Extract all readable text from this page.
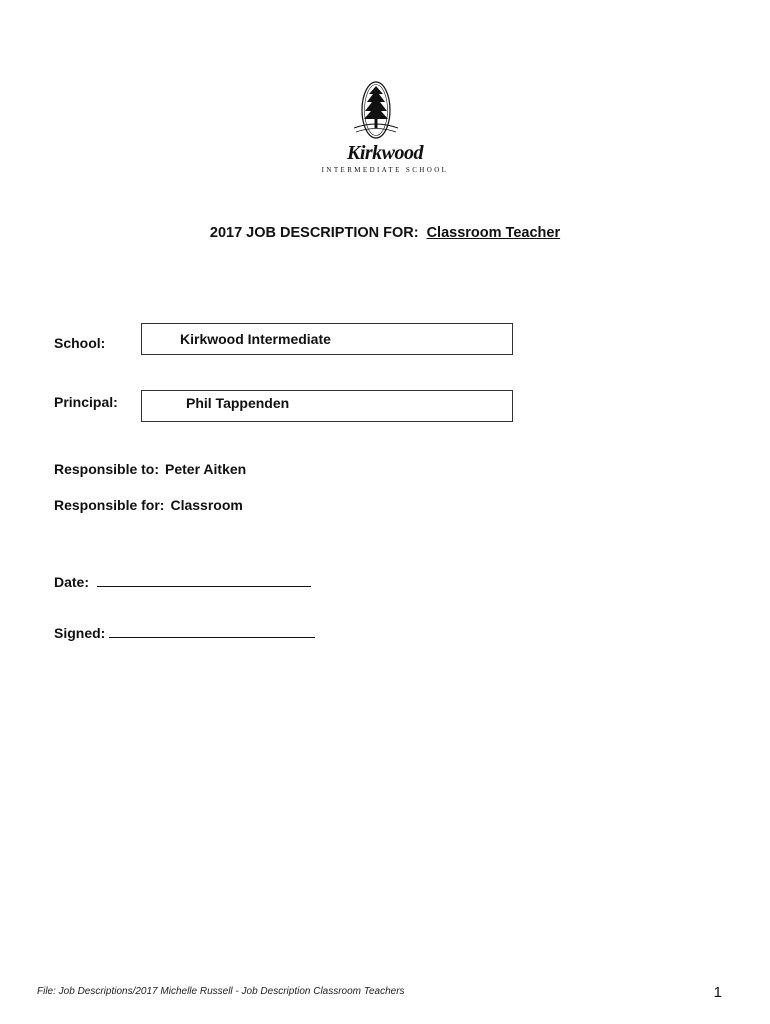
Kirkwood
INTERMEDIATE SCHOOL
2017 JOB DESCRIPTION FOR: Classroom Teacher
School:	Kirkwood Intermediate
Principal:	Phil Tappenden
Responsible to: Peter Aitken
Responsible for: Classroom
Date:
Signed:
File: Job Descriptions/2017 Michelle Russell - Job Description Classroom Teachers	1
